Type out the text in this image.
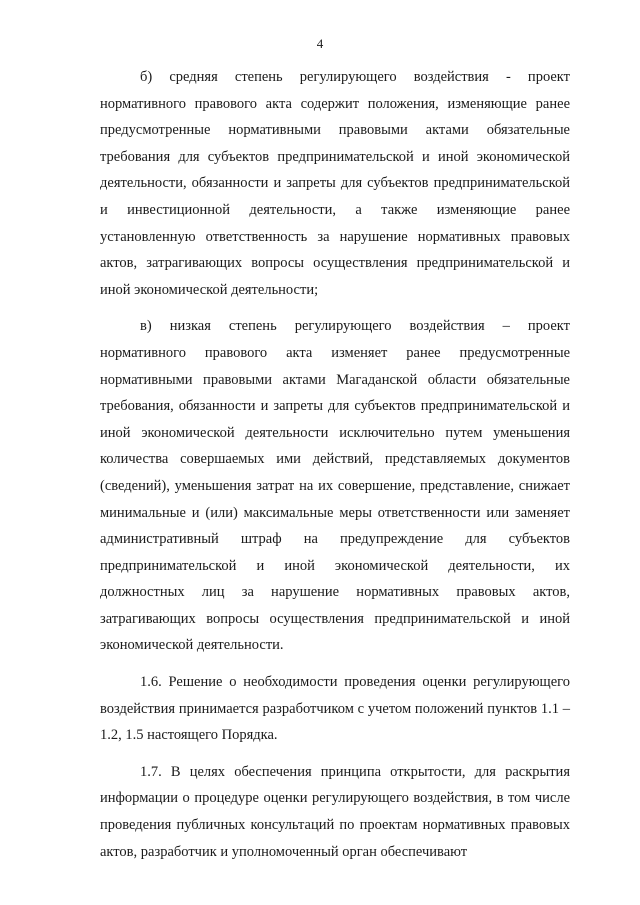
4

б) средняя степень регулирующего воздействия - проект нормативного правового акта содержит положения, изменяющие ранее предусмотренные нормативными правовыми актами обязательные требования для субъектов предпринимательской и иной экономической деятельности, обязанности и запреты для субъектов предпринимательской и инвестиционной деятельности, а также изменяющие ранее установленную ответственность за нарушение нормативных правовых актов, затрагивающих вопросы осуществления предпринимательской и иной экономической деятельности;

в) низкая степень регулирующего воздействия – проект нормативного правового акта изменяет ранее предусмотренные нормативными правовыми актами Магаданской области обязательные требования, обязанности и запреты для субъектов предпринимательской и иной экономической деятельности исключительно путем уменьшения количества совершаемых ими действий, представляемых документов (сведений), уменьшения затрат на их совершение, представление, снижает минимальные и (или) максимальные меры ответственности или заменяет административный штраф на предупреждение для субъектов предпринимательской и иной экономической деятельности, их должностных лиц за нарушение нормативных правовых актов, затрагивающих вопросы осуществления предпринимательской и иной экономической деятельности.

1.6. Решение о необходимости проведения оценки регулирующего воздействия принимается разработчиком с учетом положений пунктов 1.1 – 1.2, 1.5 настоящего Порядка.

1.7. В целях обеспечения принципа открытости, для раскрытия информации о процедуре оценки регулирующего воздействия, в том числе проведения публичных консультаций по проектам нормативных правовых актов, разработчик и уполномоченный орган обеспечивают
